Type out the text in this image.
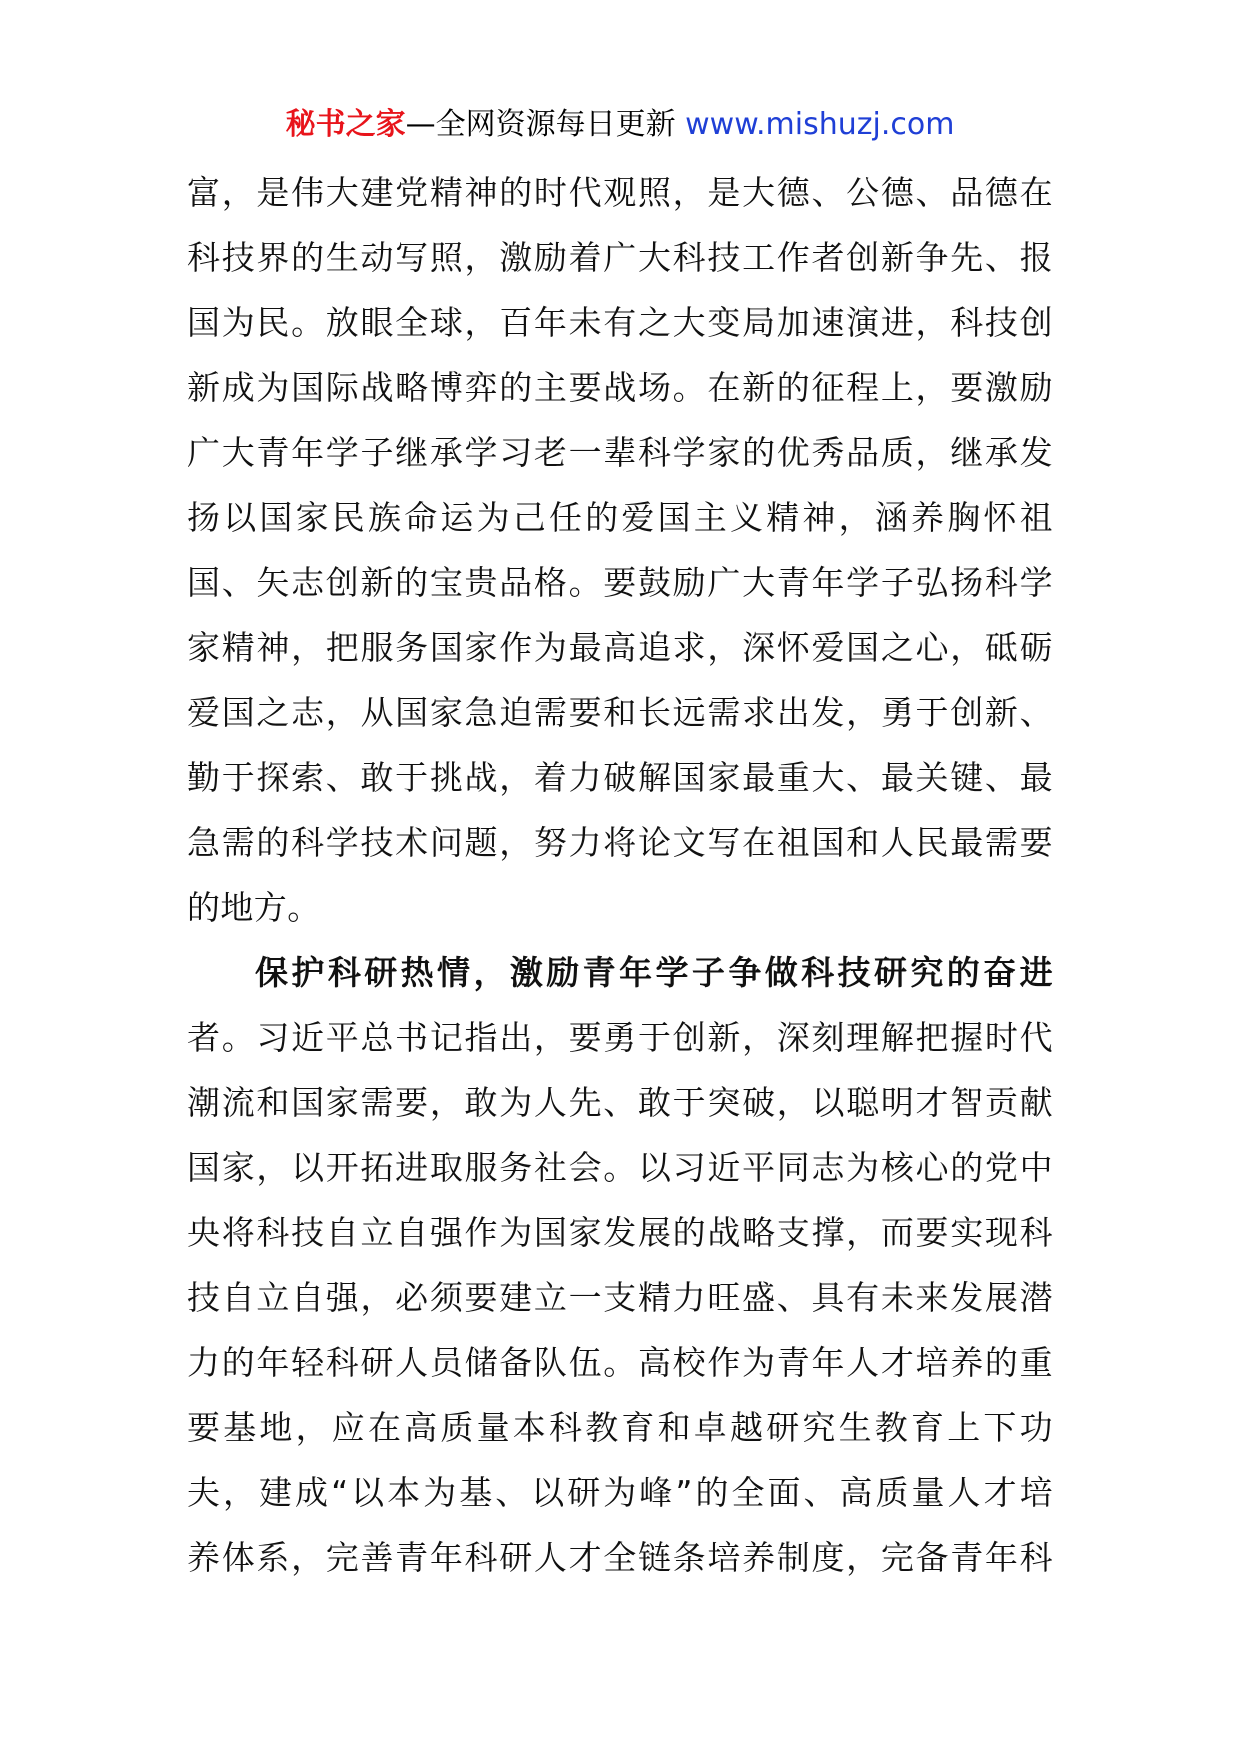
秘书之家—全网资源每日更新 www.mishuzj.com
富，是伟大建党精神的时代观照，是大德、公德、品德在
科技界的生动写照，激励着广大科技工作者创新争先、报
国为民。放眼全球，百年未有之大变局加速演进，科技创
新成为国际战略博弈的主要战场。在新的征程上，要激励
广大青年学子继承学习老一辈科学家的优秀品质，继承发
扬以国家民族命运为己任的爱国主义精神，涵养胸怀祖
国、矢志创新的宝贵品格。要鼓励广大青年学子弘扬科学
家精神，把服务国家作为最高追求，深怀爱国之心，砥砺
爱国之志，从国家急迫需要和长远需求出发，勇于创新、
勤于探索、敢于挑战，着力破解国家最重大、最关键、最
急需的科学技术问题，努力将论文写在祖国和人民最需要
的地方。
保护科研热情，激励青年学子争做科技研究的奋进
者。习近平总书记指出，要勇于创新，深刻理解把握时代
潮流和国家需要，敢为人先、敢于突破，以聪明才智贡献
国家，以开拓进取服务社会。以习近平同志为核心的党中
央将科技自立自强作为国家发展的战略支撑，而要实现科
技自立自强，必须要建立一支精力旺盛、具有未来发展潜
力的年轻科研人员储备队伍。高校作为青年人才培养的重
要基地，应在高质量本科教育和卓越研究生教育上下功
夫，建成“以本为基、以研为峰”的全面、高质量人才培
养体系，完善青年科研人才全链条培养制度，完备青年科
